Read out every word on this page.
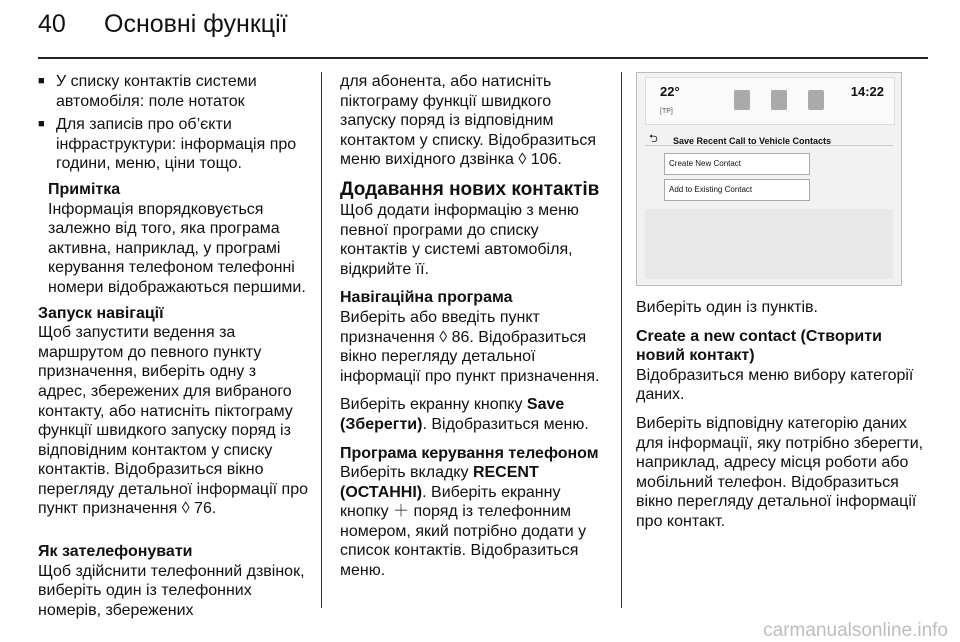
40 Основні функції
■ У списку контактів системи автомобіля: поле нотаток
■ Для записів про об’єкти інфраструктури: інформація про години, меню, ціни тощо.
Примітка
Інформація впорядковується залежно від того, яка програма активна, наприклад, у програмі керування телефоном телефонні номери відображаються першими.
Запуск навігації
Щоб запустити ведення за маршрутом до певного пункту призначення, виберіть одну з адрес, збережених для вибраного контакту, або натисніть піктограму функції швидкого запуску поряд із відповідним контактом у списку контактів. Відобразиться вікно перегляду детальної інформації про пункт призначення ◊ 76.
Як зателефонувати
Щоб здійснити телефонний дзвінок, виберіть один із телефонних номерів, збережених
для абонента, або натисніть піктограму функції швидкого запуску поряд із відповідним контактом у списку. Відобразиться меню вихідного дзвінка ◊ 106.
Додавання нових контактів
Щоб додати інформацію з меню певної програми до списку контактів у системі автомобіля, відкрийте її.
Навігаційна програма
Виберіть або введіть пункт призначення ◊ 86. Відобразиться вікно перегляду детальної інформації про пункт призначення.
Виберіть екранну кнопку Save (Зберегти). Відобразиться меню.
Програма керування телефоном
Виберіть вкладку RECENT (ОСТАННІ). Виберіть екранну кнопку ＋ поряд із телефонним номером, який потрібно додати у список контактів. Відобразиться меню.
22°
[TP]
14:22
⮌ Save Recent Call to Vehicle Contacts
Create New Contact
Add to Existing Contact
Виберіть один із пунктів.
Create a new contact (Створити новий контакт)
Відобразиться меню вибору категорії даних.
Виберіть відповідну категорію даних для інформації, яку потрібно зберегти, наприклад, адресу місця роботи або мобільний телефон. Відобразиться вікно перегляду детальної інформації про контакт.
carmanualsonline.info
